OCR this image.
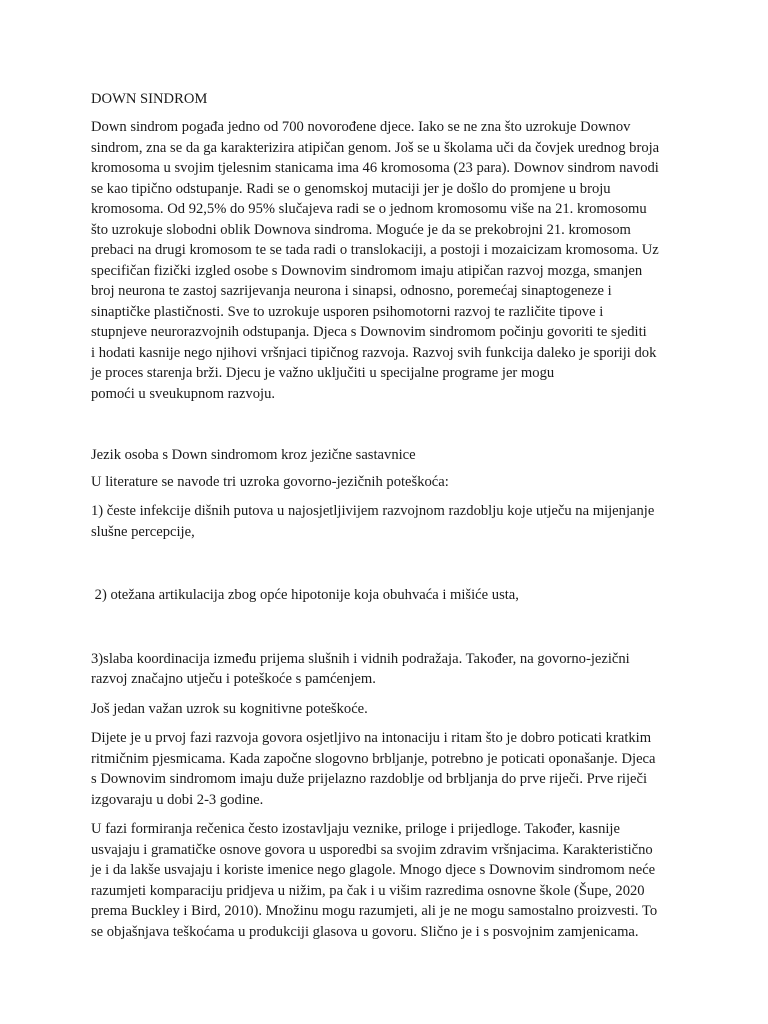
DOWN SINDROM

Down sindrom pogađa jedno od 700 novorođene djece. Iako se ne zna što uzrokuje Downov
sindrom, zna se da ga karakterizira atipičan genom. Još se u školama uči da čovjek urednog broja
kromosoma u svojim tjelesnim stanicama ima 46 kromosoma (23 para). Downov sindrom navodi
se kao tipično odstupanje. Radi se o genomskoj mutaciji jer je došlo do promjene u broju
kromosoma. Od 92,5% do 95% slučajeva radi se o jednom kromosomu više na 21. kromosomu
što uzrokuje slobodni oblik Downova sindroma. Moguće je da se prekobrojni 21. kromosom
prebaci na drugi kromosom te se tada radi o translokaciji, a postoji i mozaicizam kromosoma. Uz
specifičan fizički izgled osobe s Downovim sindromom imaju atipičan razvoj mozga, smanjen
broj neurona te zastoj sazrijevanja neurona i sinapsi, odnosno, poremećaj sinaptogeneze i
sinaptičke plastičnosti. Sve to uzrokuje usporen psihomotorni razvoj te različite tipove i
stupnjeve neurorazvojnih odstupanja. Djeca s Downovim sindromom počinju govoriti te sjediti
i hodati kasnije nego njihovi vršnjaci tipičnog razvoja. Razvoj svih funkcija daleko je sporiji dok
je proces starenja brži. Djecu je važno uključiti u specijalne programe jer mogu
pomoći u sveukupnom razvoju.
Jezik osoba s Down sindromom kroz jezične sastavnice
U literature se navode tri uzroka govorno-jezičnih poteškoća:
1) česte infekcije dišnih putova u najosjetljivijem razvojnom razdoblju koje utječu na mijenjanje
slušne percepcije,

2) otežana artikulacija zbog opće hipotonije koja obuhvaća i mišiće usta,

3)slaba koordinacija između prijema slušnih i vidnih podražaja. Također, na govorno-jezični
razvoj značajno utječu i poteškoće s pamćenjem.
Još jedan važan uzrok su kognitivne poteškoće.
Dijete je u prvoj fazi razvoja govora osjetljivo na intonaciju i ritam što je dobro poticati kratkim
ritmičnim pjesmicama. Kada započne slogovno brbljanje, potrebno je poticati oponašanje. Djeca
s Downovim sindromom imaju duže prijelazno razdoblje od brbljanja do prve riječi. Prve riječi
izgovaraju u dobi 2-3 godine.
U fazi formiranja rečenica često izostavljaju veznike, priloge i prijedloge. Također, kasnije
usvajaju i gramatičke osnove govora u usporedbi sa svojim zdravim vršnjacima. Karakteristično
je i da lakše usvajaju i koriste imenice nego glagole. Mnogo djece s Downovim sindromom neće
razumjeti komparaciju pridjeva u nižim, pa čak i u višim razredima osnovne škole (Šupe, 2020
prema Buckley i Bird, 2010). Množinu mogu razumjeti, ali je ne mogu samostalno proizvesti. To
se objašnjava teškoćama u produkciji glasova u govoru. Slično je i s posvojnim zamjenicama.
